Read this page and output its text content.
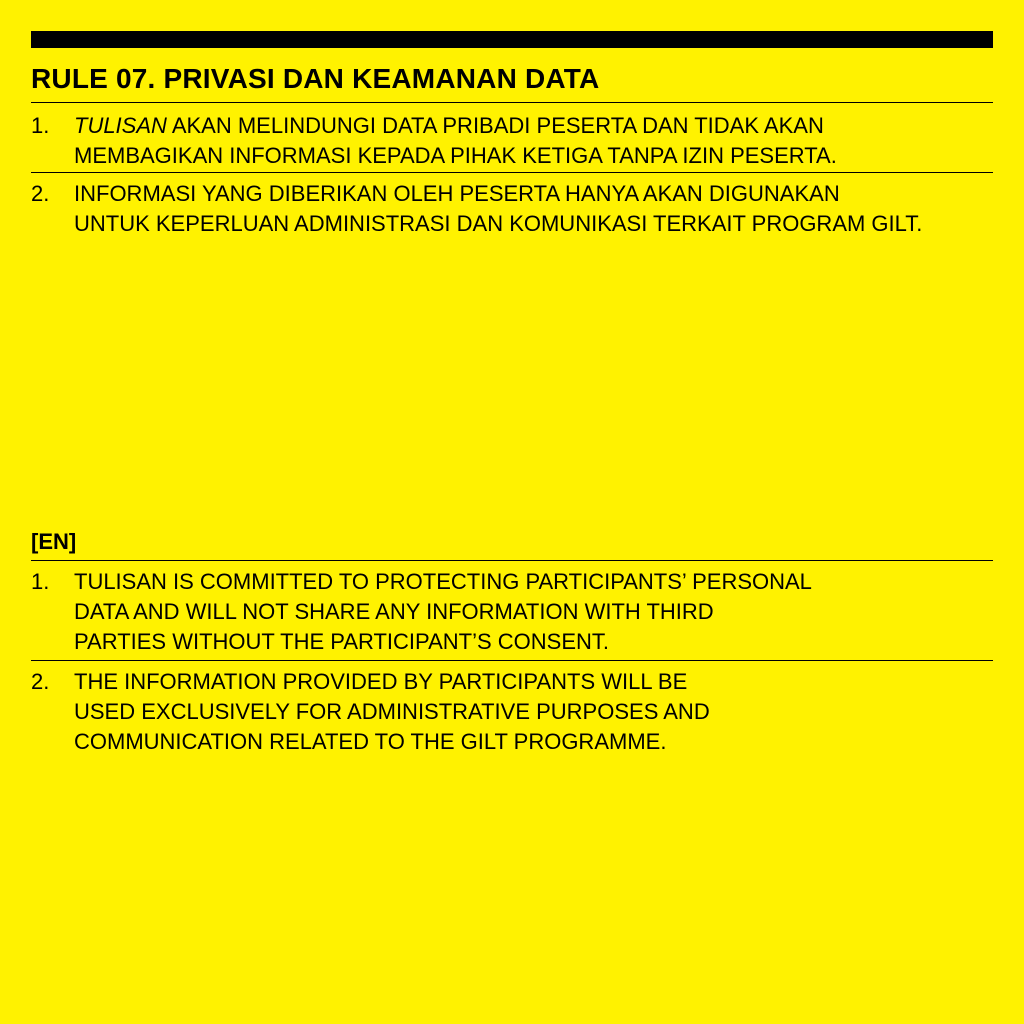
RULE 07. PRIVASI DAN KEAMANAN DATA
1.	TULISAN AKAN MELINDUNGI DATA PRIBADI PESERTA DAN TIDAK AKAN
MEMBAGIKAN INFORMASI KEPADA PIHAK KETIGA TANPA IZIN PESERTA.
2.	INFORMASI YANG DIBERIKAN OLEH PESERTA HANYA AKAN DIGUNAKAN
UNTUK KEPERLUAN ADMINISTRASI DAN KOMUNIKASI TERKAIT PROGRAM GILT.
[EN]
1.	TULISAN IS COMMITTED TO PROTECTING PARTICIPANTS’ PERSONAL
DATA AND WILL NOT SHARE ANY INFORMATION WITH THIRD
PARTIES WITHOUT THE PARTICIPANT’S CONSENT.
2.	THE INFORMATION PROVIDED BY PARTICIPANTS WILL BE
USED EXCLUSIVELY FOR ADMINISTRATIVE PURPOSES AND
COMMUNICATION RELATED TO THE GILT PROGRAMME.
